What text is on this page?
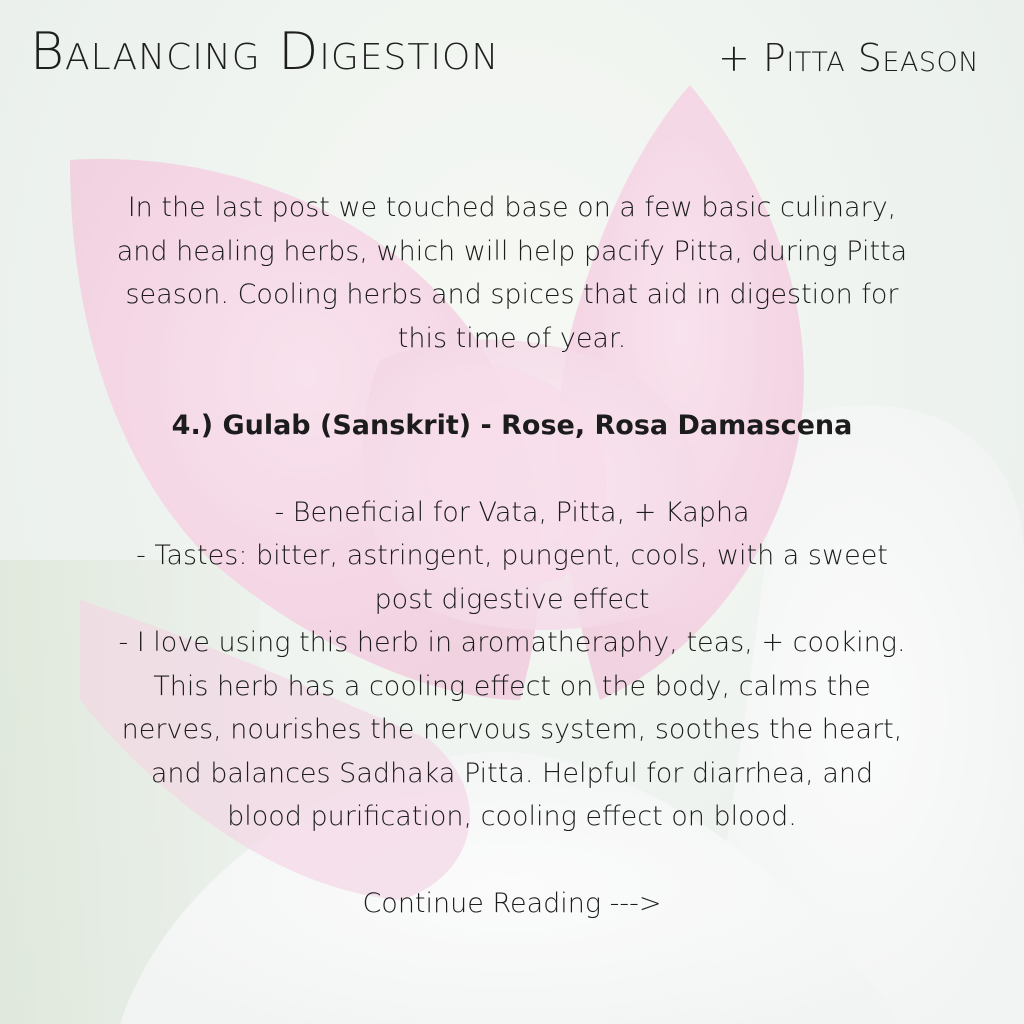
Balancing Digestion	+ Pitta Season

In the last post we touched base on a few basic culinary, and healing herbs, which will help pacify Pitta, during Pitta season. Cooling herbs and spices that aid in digestion for this time of year.

4.) Gulab (Sanskrit) - Rose, Rosa Damascena

- Beneficial for Vata, Pitta, + Kapha

- Tastes: bitter, astringent, pungent, cools, with a sweet post digestive effect

- I love using this herb in aromatheraphy, teas, + cooking. This herb has a cooling effect on the body, calms the nerves, nourishes the nervous system, soothes the heart, and balances Sadhaka Pitta. Helpful for diarrhea, and blood purification, cooling effect on blood.

Continue Reading --->
